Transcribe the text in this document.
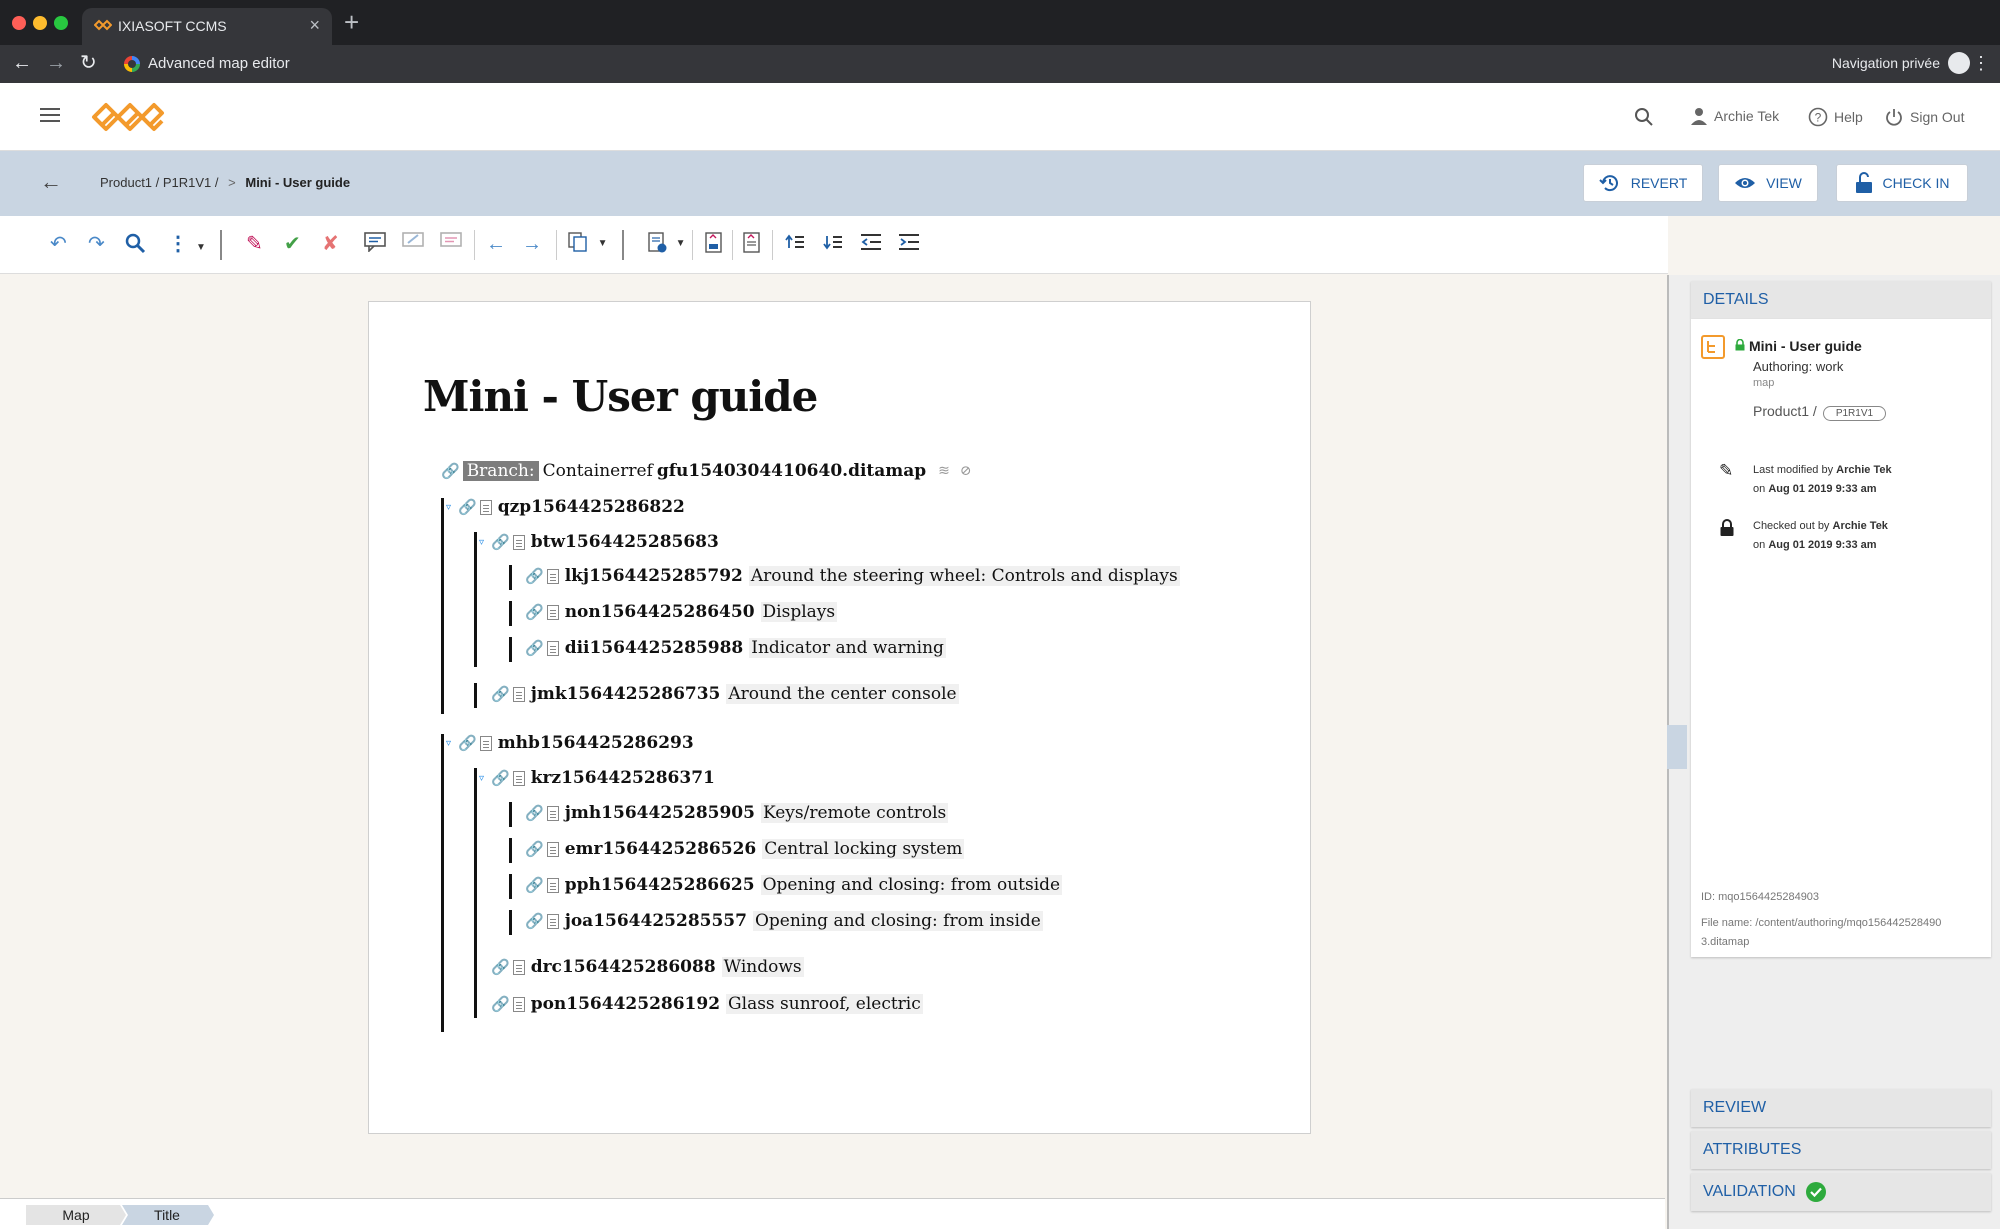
IXIASOFT CCMS	× +
← → ↻	Advanced map editor	Navigation privée ⋮
Archie Tek	? Help	Sign Out
←	Product1 / P1R1V1 / > Mini - User guide	REVERT	VIEW	CHECK IN
↶ ↷	⋮ ▼ ✎ ✔ ✘	← →	▼	▼
Mini - User guide
🔗 Branch: Containerref gfu1540304410640.ditamap ≋ ⊘
▿ 🔗 qzp1564425286822
▿ 🔗 btw1564425285683
🔗 lkj1564425285792 Around the steering wheel: Controls and displays
🔗 non1564425286450 Displays
🔗 dii1564425285988 Indicator and warning
🔗 jmk1564425286735 Around the center console
▿ 🔗 mhb1564425286293
▿ 🔗 krz1564425286371
🔗 jmh1564425285905 Keys/remote controls
🔗 emr1564425286526 Central locking system
🔗 pph1564425286625 Opening and closing: from outside
🔗 joa1564425285557 Opening and closing: from inside
🔗 drc1564425286088 Windows
🔗 pon1564425286192 Glass sunroof, electric
Map	Title
DETAILS
Mini - User guide
Authoring: work
map
Product1 / P1R1V1
✎ Last modified by Archie Tek
on Aug 01 2019 9:33 am
Checked out by Archie Tek
on Aug 01 2019 9:33 am
ID: mqo1564425284903
File name: /content/authoring/mqo156442528490
3.ditamap
REVIEW
ATTRIBUTES
VALIDATION
